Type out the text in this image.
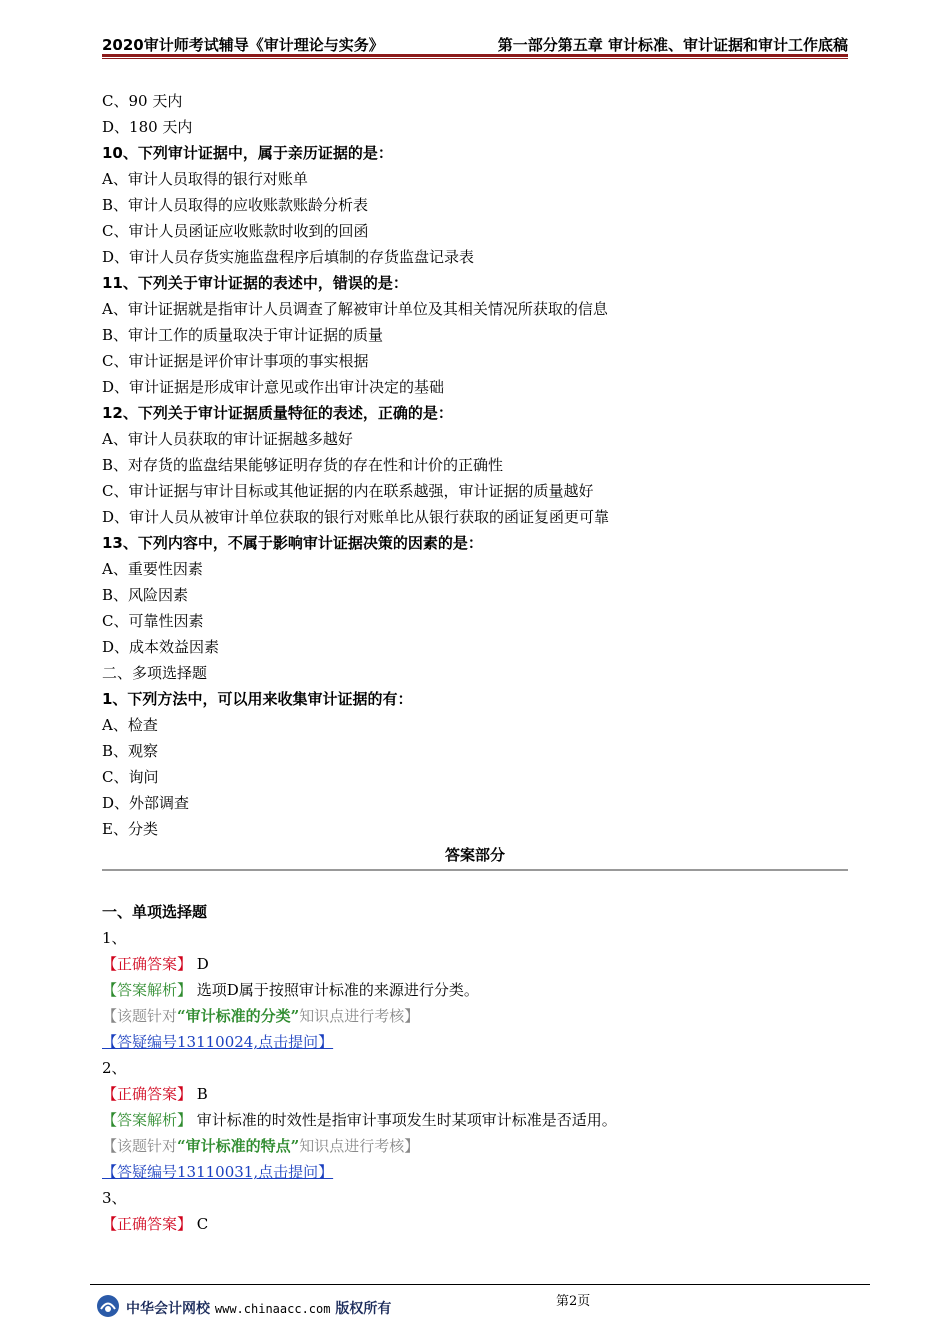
2020审计师考试辅导《审计理论与实务》	第一部分第五章 审计标准、审计证据和审计工作底稿
C、90 天内
D、180 天内
10、下列审计证据中，属于亲历证据的是：
A、审计人员取得的银行对账单
B、审计人员取得的应收账款账龄分析表
C、审计人员函证应收账款时收到的回函
D、审计人员存货实施监盘程序后填制的存货监盘记录表
11、下列关于审计证据的表述中，错误的是：
A、审计证据就是指审计人员调查了解被审计单位及其相关情况所获取的信息
B、审计工作的质量取决于审计证据的质量
C、审计证据是评价审计事项的事实根据
D、审计证据是形成审计意见或作出审计决定的基础
12、下列关于审计证据质量特征的表述，正确的是：
A、审计人员获取的审计证据越多越好
B、对存货的监盘结果能够证明存货的存在性和计价的正确性
C、审计证据与审计目标或其他证据的内在联系越强，审计证据的质量越好
D、审计人员从被审计单位获取的银行对账单比从银行获取的函证复函更可靠
13、下列内容中，不属于影响审计证据决策的因素的是：
A、重要性因素
B、风险因素
C、可靠性因素
D、成本效益因素
二、多项选择题
1、下列方法中，可以用来收集审计证据的有：
A、检查
B、观察
C、询问
D、外部调查
E、分类
答案部分
一、单项选择题
1、
【正确答案】 D
【答案解析】 选项D属于按照审计标准的来源进行分类。
【该题针对“审计标准的分类”知识点进行考核】
【答疑编号13110024,点击提问】
2、
【正确答案】 B
【答案解析】 审计标准的时效性是指审计事项发生时某项审计标准是否适用。
【该题针对“审计标准的特点”知识点进行考核】
【答疑编号13110031,点击提问】
3、
【正确答案】 C
第2页
中华会计网校 www.chinaacc.com 版权所有
